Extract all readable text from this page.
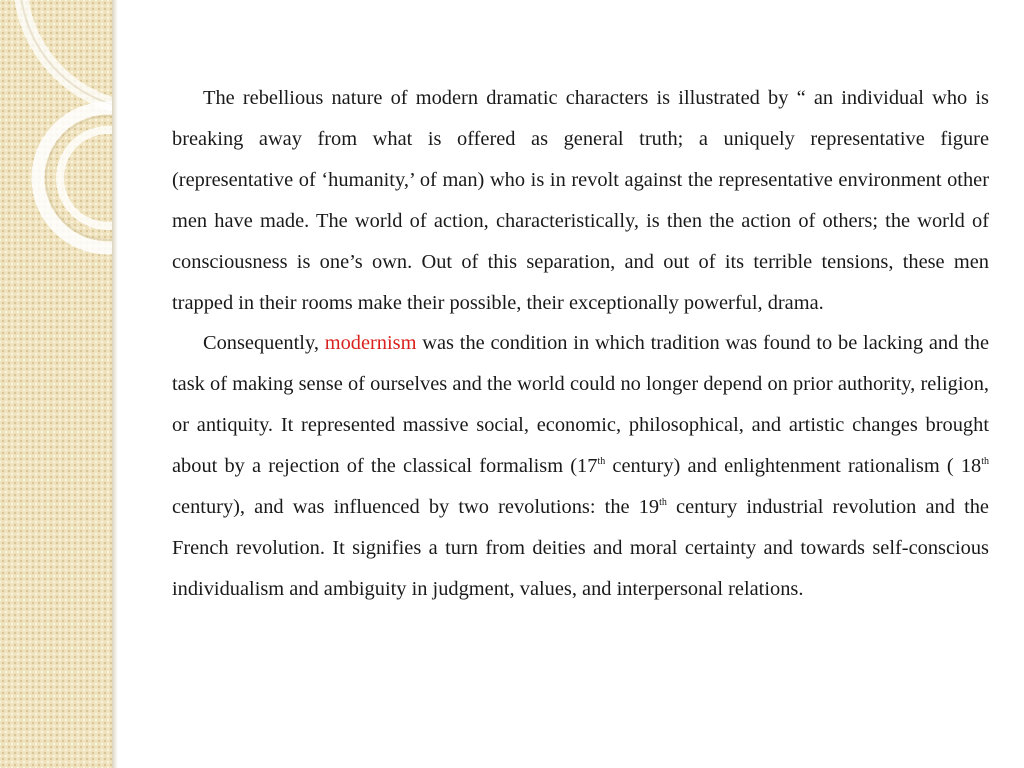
The rebellious nature of modern dramatic characters is illustrated by “ an individual who is breaking away from what is offered as general truth; a uniquely representative figure (representative of ‘humanity,’ of man) who is in revolt against the representative environment other men have made. The world of action, characteristically, is then the action of others; the world of consciousness is one’s own. Out of this separation, and out of its terrible tensions, these men trapped in their rooms make their possible, their exceptionally powerful, drama.

Consequently, modernism was the condition in which tradition was found to be lacking and the task of making sense of ourselves and the world could no longer depend on prior authority, religion, or antiquity. It represented massive social, economic, philosophical, and artistic changes brought about by a rejection of the classical formalism (17th century) and enlightenment rationalism ( 18th century), and was influenced by two revolutions: the 19th century industrial revolution and the French revolution. It signifies a turn from deities and moral certainty and towards self-conscious individualism and ambiguity in judgment, values, and interpersonal relations.
